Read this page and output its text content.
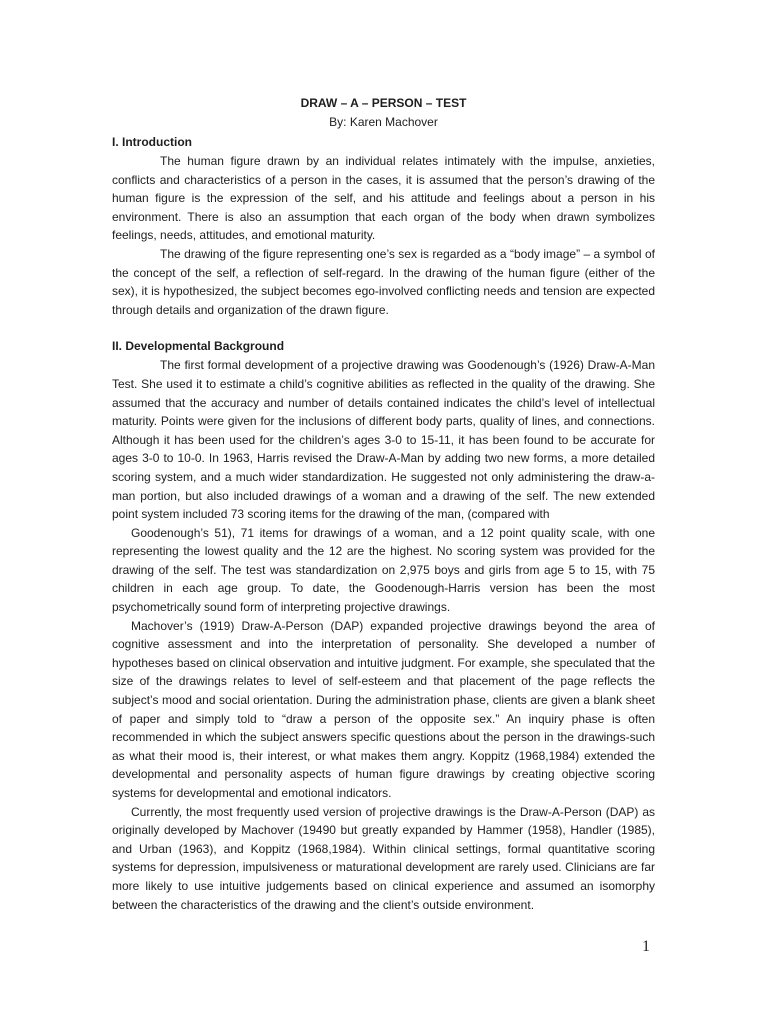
DRAW – A – PERSON – TEST

By: Karen Machover

I. Introduction

The human figure drawn by an individual relates intimately with the impulse, anxieties, conflicts and characteristics of a person in the cases, it is assumed that the person’s drawing of the human figure is the expression of the self, and his attitude and feelings about a person in his environment. There is also an assumption that each organ of the body when drawn symbolizes feelings, needs, attitudes, and emotional maturity.

The drawing of the figure representing one’s sex is regarded as a “body image” – a symbol of the concept of the self, a reflection of self-regard. In the drawing of the human figure (either of the sex), it is hypothesized, the subject becomes ego-involved conflicting needs and tension are expected through details and organization of the drawn figure.

II. Developmental Background

The first formal development of a projective drawing was Goodenough’s (1926) Draw-A-Man Test. She used it to estimate a child’s cognitive abilities as reflected in the quality of the drawing. She assumed that the accuracy and number of details contained indicates the child’s level of intellectual maturity. Points were given for the inclusions of different body parts, quality of lines, and connections. Although it has been used for the children’s ages 3-0 to 15-11, it has been found to be accurate for ages 3-0 to 10-0. In 1963, Harris revised the Draw-A-Man by adding two new forms, a more detailed scoring system, and a much wider standardization. He suggested not only administering the draw-a-man portion, but also included drawings of a woman and a drawing of the self. The new extended point system included 73 scoring items for the drawing of the man, (compared with

Goodenough’s 51), 71 items for drawings of a woman, and a 12 point quality scale, with one representing the lowest quality and the 12 are the highest. No scoring system was provided for the drawing of the self. The test was standardization on 2,975 boys and girls from age 5 to 15, with 75 children in each age group. To date, the Goodenough-Harris version has been the most psychometrically sound form of interpreting projective drawings.

Machover’s (1919) Draw-A-Person (DAP) expanded projective drawings beyond the area of cognitive assessment and into the interpretation of personality. She developed a number of hypotheses based on clinical observation and intuitive judgment. For example, she speculated that the size of the drawings relates to level of self-esteem and that placement of the page reflects the subject’s mood and social orientation. During the administration phase, clients are given a blank sheet of paper and simply told to “draw a person of the opposite sex.” An inquiry phase is often recommended in which the subject answers specific questions about the person in the drawings-such as what their mood is, their interest, or what makes them angry. Koppitz (1968,1984) extended the developmental and personality aspects of human figure drawings by creating objective scoring systems for developmental and emotional indicators.

Currently, the most frequently used version of projective drawings is the Draw-A-Person (DAP) as originally developed by Machover (19490 but greatly expanded by Hammer (1958), Handler (1985), and Urban (1963), and Koppitz (1968,1984). Within clinical settings, formal quantitative scoring systems for depression, impulsiveness or maturational development are rarely used. Clinicians are far more likely to use intuitive judgements based on clinical experience and assumed an isomorphy between the characteristics of the drawing and the client’s outside environment.

1
